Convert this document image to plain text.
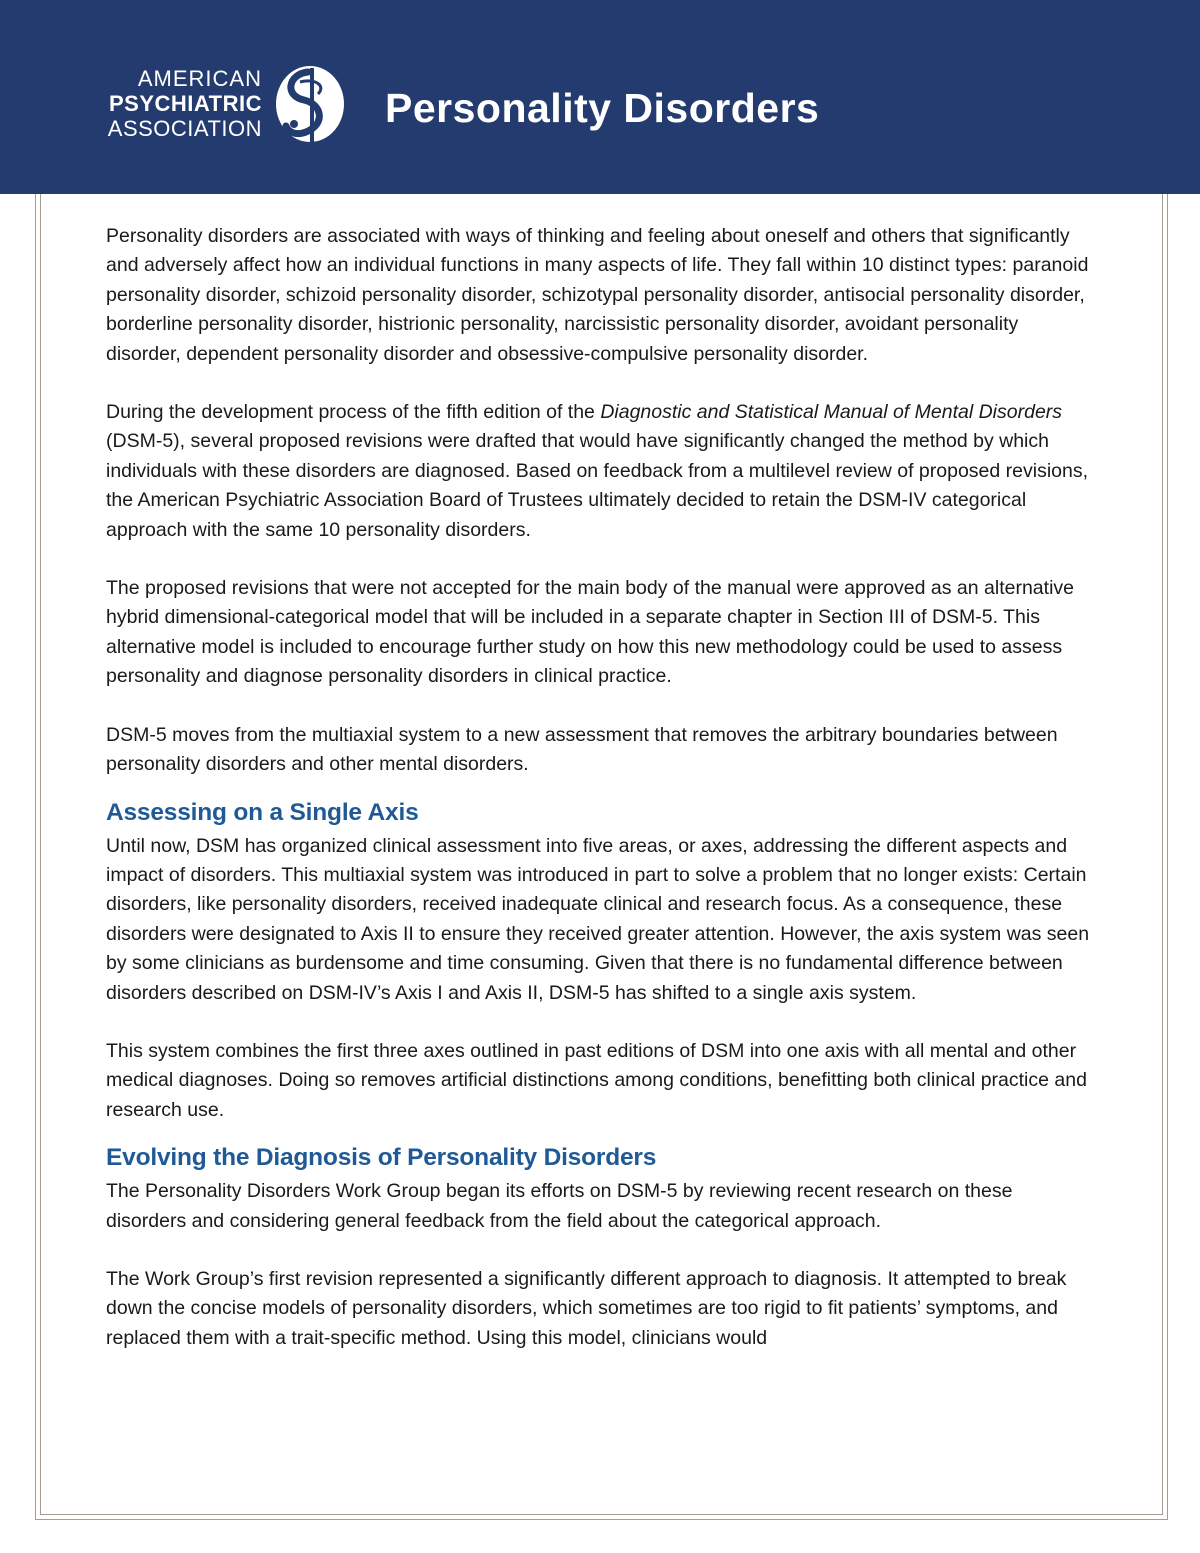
AMERICAN
PSYCHIATRIC
ASSOCIATION	Personality Disorders

Personality disorders are associated with ways of thinking and feeling about oneself and others that significantly and adversely affect how an individual functions in many aspects of life. They fall within 10 distinct types: paranoid personality disorder, schizoid personality disorder, schizotypal personality disorder, antisocial personality disorder, borderline personality disorder, histrionic personality, narcissistic personality disorder, avoidant personality disorder, dependent personality disorder and obsessive-compulsive personality disorder.

During the development process of the fifth edition of the Diagnostic and Statistical Manual of Mental Disorders (DSM-5), several proposed revisions were drafted that would have significantly changed the method by which individuals with these disorders are diagnosed. Based on feedback from a multilevel review of proposed revisions, the American Psychiatric Association Board of Trustees ultimately decided to retain the DSM-IV categorical approach with the same 10 personality disorders.

The proposed revisions that were not accepted for the main body of the manual were approved as an alternative hybrid dimensional-categorical model that will be included in a separate chapter in Section III of DSM-5. This alternative model is included to encourage further study on how this new methodology could be used to assess personality and diagnose personality disorders in clinical practice.

DSM-5 moves from the multiaxial system to a new assessment that removes the arbitrary boundaries between personality disorders and other mental disorders.

Assessing on a Single Axis

Until now, DSM has organized clinical assessment into five areas, or axes, addressing the different aspects and impact of disorders. This multiaxial system was introduced in part to solve a problem that no longer exists: Certain disorders, like personality disorders, received inadequate clinical and research focus. As a consequence, these disorders were designated to Axis II to ensure they received greater attention. However, the axis system was seen by some clinicians as burdensome and time consuming. Given that there is no fundamental difference between disorders described on DSM-IV’s Axis I and Axis II, DSM-5 has shifted to a single axis system.

This system combines the first three axes outlined in past editions of DSM into one axis with all mental and other medical diagnoses. Doing so removes artificial distinctions among conditions, benefitting both clinical practice and research use.

Evolving the Diagnosis of Personality Disorders

The Personality Disorders Work Group began its efforts on DSM-5 by reviewing recent research on these disorders and considering general feedback from the field about the categorical approach.

The Work Group’s first revision represented a significantly different approach to diagnosis. It attempted to break down the concise models of personality disorders, which sometimes are too rigid to fit patients’ symptoms, and replaced them with a trait-specific method. Using this model, clinicians would
